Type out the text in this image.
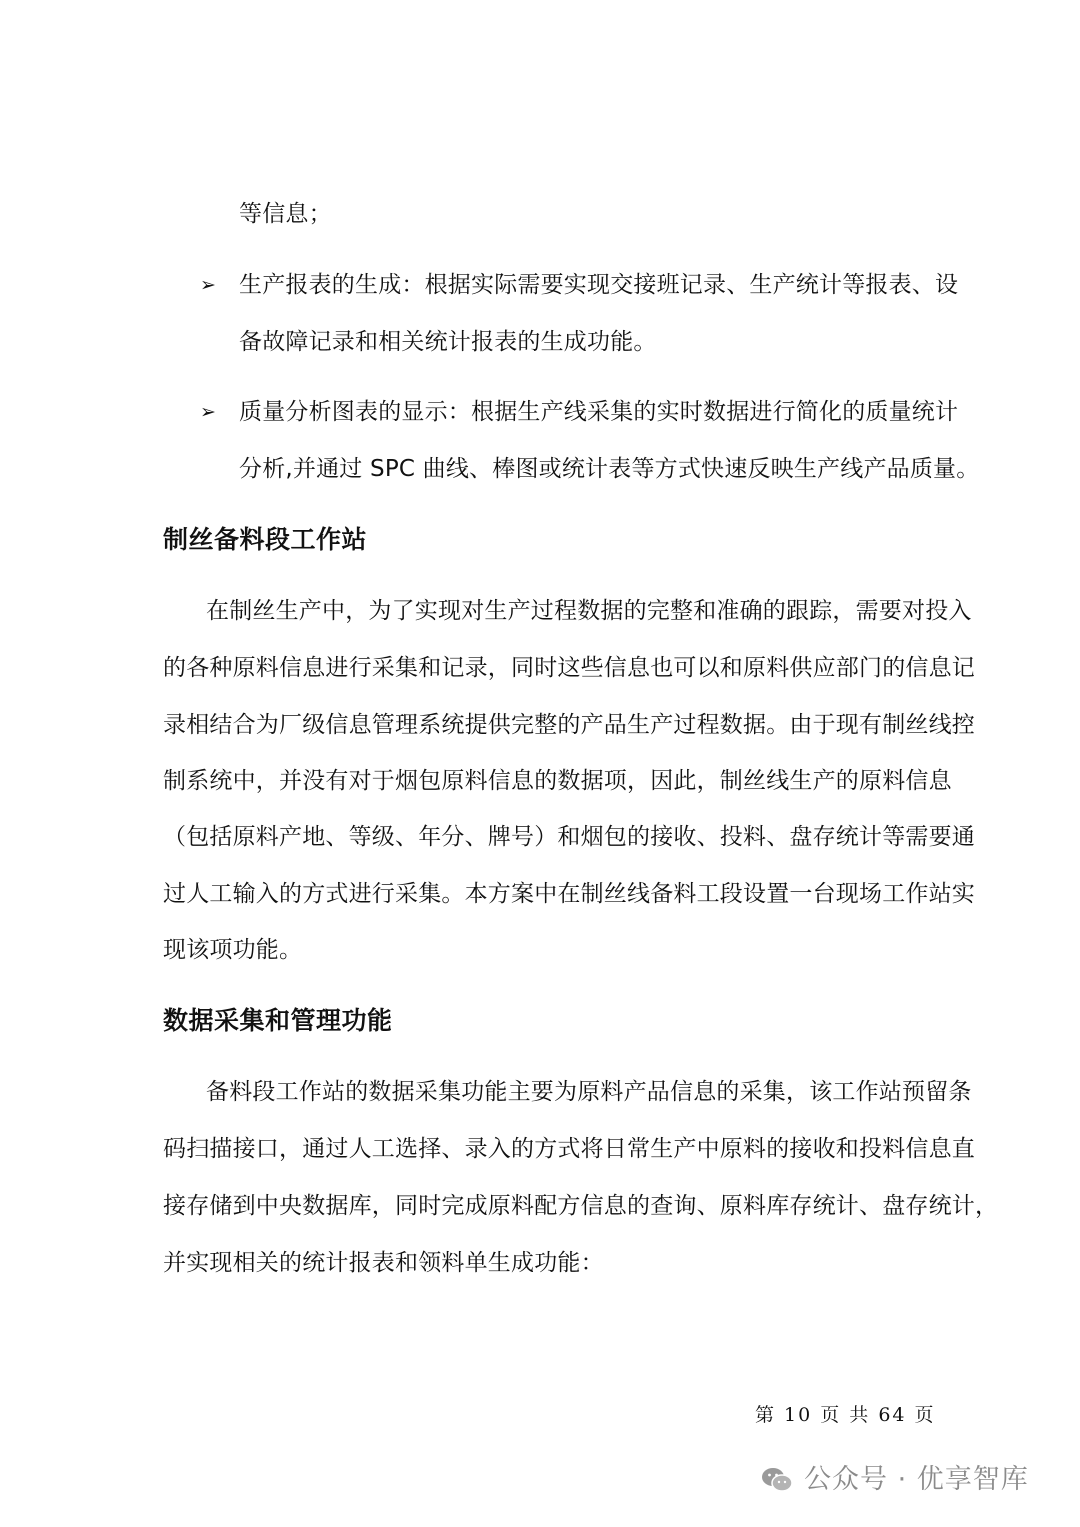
等信息；
➢ 生产报表的生成：根据实际需要实现交接班记录、生产统计等报表、设
备故障记录和相关统计报表的生成功能。
➢ 质量分析图表的显示：根据生产线采集的实时数据进行简化的质量统计
分析,并通过 SPC 曲线、棒图或统计表等方式快速反映生产线产品质量。
制丝备料段工作站
在制丝生产中，为了实现对生产过程数据的完整和准确的跟踪，需要对投入
的各种原料信息进行采集和记录，同时这些信息也可以和原料供应部门的信息记
录相结合为厂级信息管理系统提供完整的产品生产过程数据。由于现有制丝线控
制系统中，并没有对于烟包原料信息的数据项，因此，制丝线生产的原料信息
（包括原料产地、等级、年分、牌号）和烟包的接收、投料、盘存统计等需要通
过人工输入的方式进行采集。本方案中在制丝线备料工段设置一台现场工作站实
现该项功能。
数据采集和管理功能
备料段工作站的数据采集功能主要为原料产品信息的采集，该工作站预留条
码扫描接口，通过人工选择、录入的方式将日常生产中原料的接收和投料信息直
接存储到中央数据库，同时完成原料配方信息的查询、原料库存统计、盘存统计，
并实现相关的统计报表和领料单生成功能：
第 10 页 共 64 页
公众号 · 优享智库
